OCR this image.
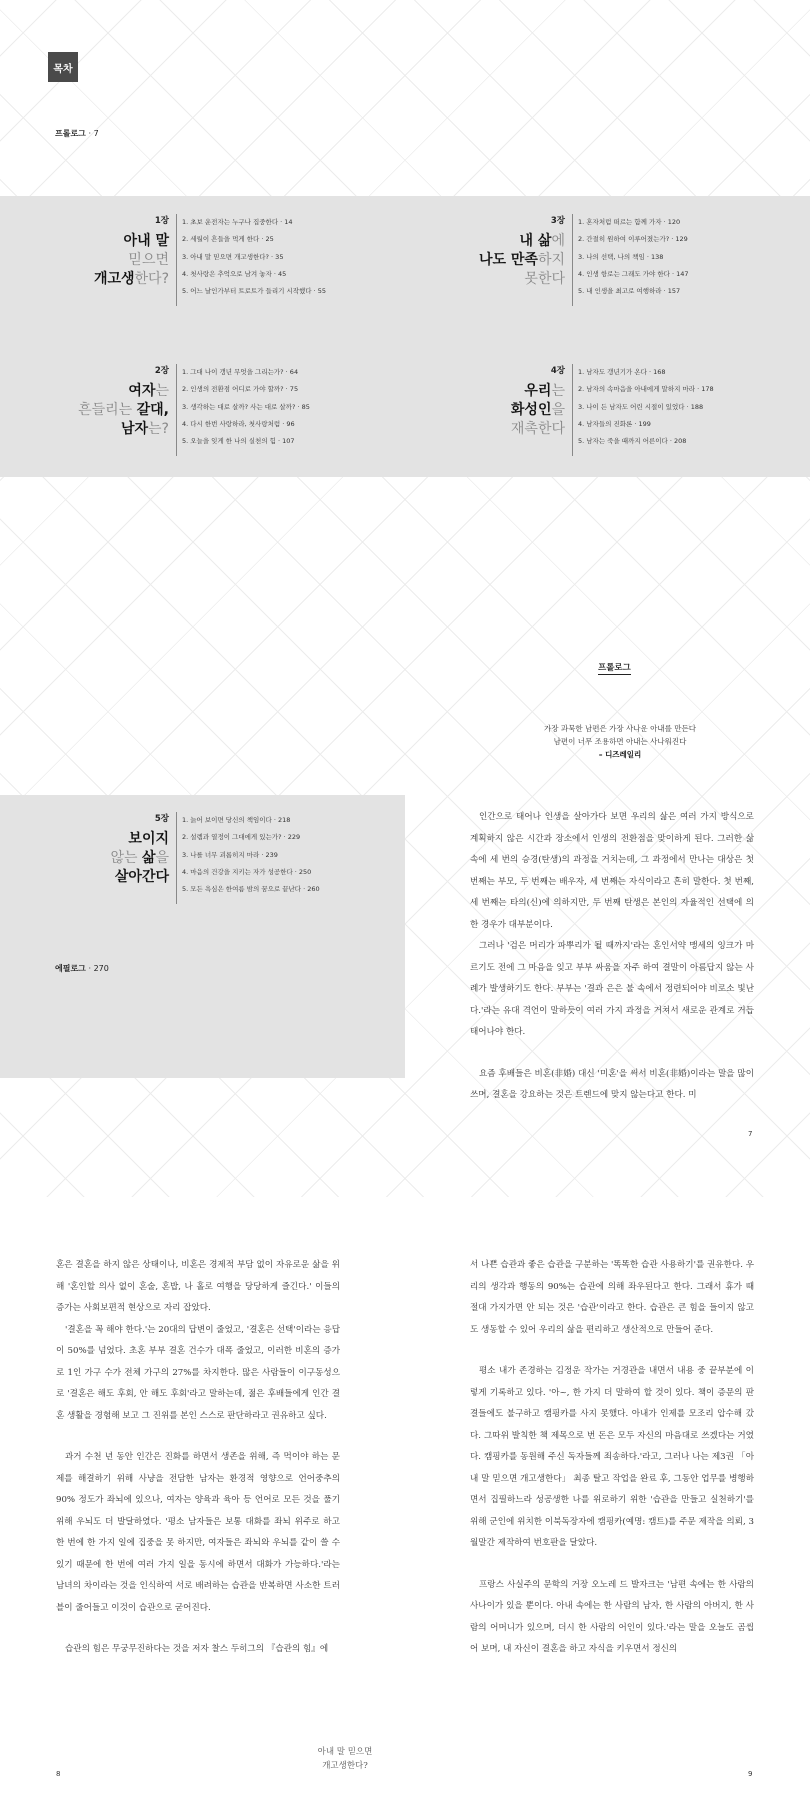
목차
프롤로그 · 7
1장
아내 말
믿으면
개고생한다?
1. 초보 운전자는 누구나 집중한다 · 14
2. 세월이 흔들을 먹게 한다 · 25
3. 아내 말 믿으면 개고생한다? · 35
4. 첫사랑은 추억으로 남겨 놓자 · 45
5. 어느 날인가부터 트로트가 들리기 시작했다 · 55
3장
내 삶에
나도 만족하지
못한다
1. 혼자처럼 떠르는 함께 가자 · 120
2. 간절히 원하여 이루어졌는가? · 129
3. 나의 선택, 나의 책임 · 138
4. 인생 항로는 그래도 가야 한다 · 147
5. 내 인생을 최고로 여행하라 · 157
2장
여자는
흔들리는 갈대,
남자는?
1. 그대 나이 갱년 무엇을 그리는가? · 64
2. 인생의 전환점 어디로 가야 할까? · 75
3. 생각하는 대로 살까? 사는 대로 살까? · 85
4. 다시 한번 사랑하라, 첫사랑처럼 · 96
5. 오늘을 잊게 한 나의 실천의 힘 · 107
4장
우리는
화성인을
재촉한다
1. 남자도 갱년기가 온다 · 168
2. 남자의 속마음을 아내에게 말하지 마라 · 178
3. 나이 든 남자도 어린 시절이 있었다 · 188
4. 남자들의 진화론 · 199
5. 남자는 죽을 때까지 어른이다 · 208
5장
보이지
않는 삶을
살아간다
1. 늙어 보이면 당신의 책임이다 · 218
2. 설렘과 열정이 그대에게 있는가? · 229
3. 나를 너무 괴롭히지 마라 · 239
4. 마음의 건강을 지키는 자가 성공한다 · 250
5. 모든 욕심은 한여름 밤의 꿈으로 끝난다 · 260
에필로그 · 270
프롤로그
가장 과묵한 남편은 가장 사나운 아내를 만든다
남편이 너무 조용하면 아내는 사나워진다
– 디즈레일리

인간으로 태어나 인생을 살아가다 보면 우리의 삶은 여러 가지 방식으로 계획하지 않은 시간과 장소에서 인생의 전환점을 맞이하게 된다. 그러한 삶 속에 세 번의 승경(탄생)의 과정을 거치는데, 그 과정에서 만나는 대상은 첫 번째는 부모, 두 번째는 배우자, 세 번째는 자식이라고 흔히 말한다. 첫 번째, 세 번째는 타의(신)에 의하지만, 두 번째 탄생은 본인의 자율적인 선택에 의한 경우가 대부분이다.

그러나 '검은 머리가 파뿌리가 될 때까지'라는 혼인서약 맹세의 잉크가 마르기도 전에 그 마음을 잊고 부부 싸움을 자주 하여 결말이 아름답지 않는 사례가 발생하기도 한다. 부부는 '결과 은은 불 속에서 정련되어야 비로소 빛난다.'라는 유대 격언이 말하듯이 여러 가지 과정을 거쳐서 새로운 관계로 거듭 태어나야 한다.

요즘 후배들은 비혼(非婚) 대신 '미혼'을 써서 비혼(非婚)이라는 말을 많이 쓰며, 결혼을 강요하는 것은 트렌드에 맞지 않는다고 한다. 미

7

혼은 결혼을 하지 않은 상태이나, 비혼은 경제적 부담 없이 자유로운 삶을 위해 '혼인할 의사 없이 혼술, 혼밥, 나 홀로 여행을 당당하게 즐긴다.' 이들의 증가는 사회보편적 현상으로 자리 잡았다.

'결혼을 꼭 해야 한다.'는 20대의 답변이 줄었고, '결혼은 선택'이라는 응답이 50%를 넘었다. 초혼 부부 결혼 건수가 대폭 줄었고, 이러한 비혼의 증가로 1인 가구 수가 전체 가구의 27%를 차지한다. 많은 사람들이 이구동성으로 '결혼은 해도 후회, 안 해도 후회'라고 말하는데, 젊은 후배들에게 인간 결혼 생활을 경험해 보고 그 진위를 본인 스스로 판단하라고 권유하고 싶다.

과거 수천 년 동안 인간은 진화를 하면서 생존을 위해, 즉 먹이야 하는 문제를 해결하기 위해 사냥을 전담한 남자는 환경적 영향으로 언어중추의 90% 정도가 좌뇌에 있으나, 여자는 양육과 육아 등 언어로 모든 것을 풀기 위해 우뇌도 더 발달하였다. '평소 남자들은 보통 대화를 좌뇌 위주로 하고 한 번에 한 가지 일에 집중을 못 하지만, 여자들은 좌뇌와 우뇌를 같이 쓸 수 있기 때문에 한 번에 여러 가지 일을 동시에 하면서 대화가 가능하다.'라는 남녀의 차이라는 것을 인식하여 서로 배려하는 습관을 반복하면 사소한 트러블이 줄어들고 이것이 습관으로 굳어진다.

습관의 힘은 무궁무진하다는 것을 저자 찰스 두히그의 『습관의 힘』에

8
아내 말 믿으면
개고생한다?

서 나쁜 습관과 좋은 습관을 구분하는 '똑똑한 습관 사용하기'를 권유한다. 우리의 생각과 행동의 90%는 습관에 의해 좌우된다고 한다. 그래서 휴가 때 절대 가지가면 안 되는 것은 '습관'이라고 한다. 습관은 큰 힘을 들이지 않고도 생동할 수 있어 우리의 삶을 편리하고 생산적으로 만들어 준다.

평소 내가 존경하는 김정운 작가는 거경관을 내면서 내용 중 끝부분에 이렇게 기록하고 있다. '아~, 한 가지 더 말하여 할 것이 있다. 책이 증문의 판결들에도 불구하고 캠핑카를 사지 못했다. 아내가 인제를 모조리 압수해 갔다. 그따위 발칙한 책 제목으로 번 돈은 모두 자신의 마음대로 쓰겠다는 거였다. 캠핑카를 동원해 주신 독자들께 죄송하다.'라고, 그러나 나는 제3권 「아내 말 믿으면 개고생한다」 최종 탈고 작업을 완료 후, 그동안 업무를 병행하면서 집필하느라 성공생한 나를 위로하기 위한 '습관을 만들고 실천하기'를 위해 군인에 위치한 이북독장자에 캠핑카(예명: 캠트)를 주문 제작을 의뢰, 3월말간 제작하여 번호판을 달았다.

프랑스 사실주의 문학의 거장 오노레 드 발자크는 '남편 속에는 한 사람의 사나이가 있을 뿐이다. 아내 속에는 한 사람의 남자, 한 사람의 아버지, 한 사람의 어머니가 있으며, 더시 한 사람의 어인이 있다.'라는 말을 오늘도 곰씹어 보며, 내 자신이 결혼을 하고 자식을 키우면서 정신의

9
